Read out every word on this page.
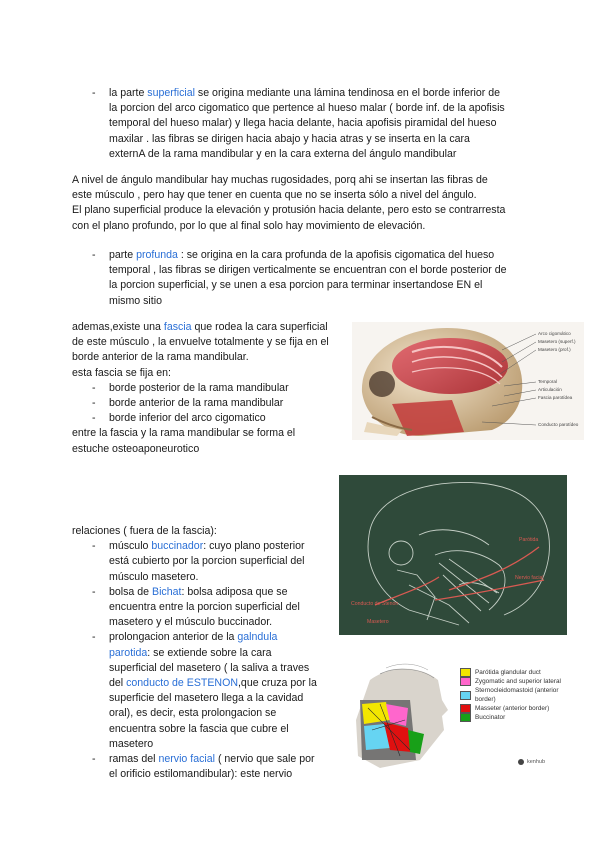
- la parte superficial se origina mediante una lámina tendinosa en el borde inferior de
la porcion del arco cigomatico que pertence al hueso malar ( borde inf. de la apofisis
temporal del hueso malar) y llega hacia delante, hacia apofisis piramidal del hueso
maxilar . las fibras se dirigen hacia abajo y hacia atras y se inserta en la cara
externA de la rama mandibular y en la cara externa del ángulo mandibular
A nivel de ángulo mandibular hay muchas rugosidades, porq ahi se insertan las fibras de
este músculo , pero hay que tener en cuenta que no se inserta sólo a nivel del ángulo.
El plano superficial produce la elevación y protusión hacia delante, pero esto se contrarresta
con el plano profundo, por lo que al final solo hay movimiento de elevación.
- parte profunda : se origina en la cara profunda de la apofisis cigomatica del hueso
temporal , las fibras se dirigen verticalmente se encuentran con el borde posterior de
la porcion superficial, y se unen a esa porcion para terminar insertandose EN el
mismo sitio
ademas,existe una fascia que rodea la cara superficial
de este músculo , la envuelve totalmente y se fija en el
borde anterior de la rama mandibular.
esta fascia se fija en:
- borde posterior de la rama mandibular
- borde anterior de la rama mandibular
- borde inferior del arco cigomatico
entre la fascia y la rama mandibular se forma el
estuche osteoaponeurotico
Arco cigomático
Masetero (superf.)
Masetero (prof.)
Temporal
Articulación
Fascia parotídea
Conducto parotídeo
Conducto de Stenon
Parótida
Nervio facial
Masetero
relaciones ( fuera de la fascia):
- músculo buccinador: cuyo plano posterior
está cubierto por la porcion superficial del
músculo masetero.
- bolsa de Bichat: bolsa adiposa que se
encuentra entre la porcion superficial del
masetero y el músculo buccinador.
- prolongacion anterior de la galndula
parotida: se extiende sobre la cara
superficial del masetero ( la saliva a traves
del conducto de ESTENON,que cruza por la
superficie del masetero llega a la cavidad
oral), es decir, esta prolongacion se
encuentra sobre la fascia que cubre el
masetero
- ramas del nervio facial ( nervio que sale por
el orificio estilomandibular): este nervio
Parótida glandular duct
Zygomatic and superior lateral
Sternocleidomastoid (anterior border)
Masseter (anterior border)
Buccinator
kenhub
